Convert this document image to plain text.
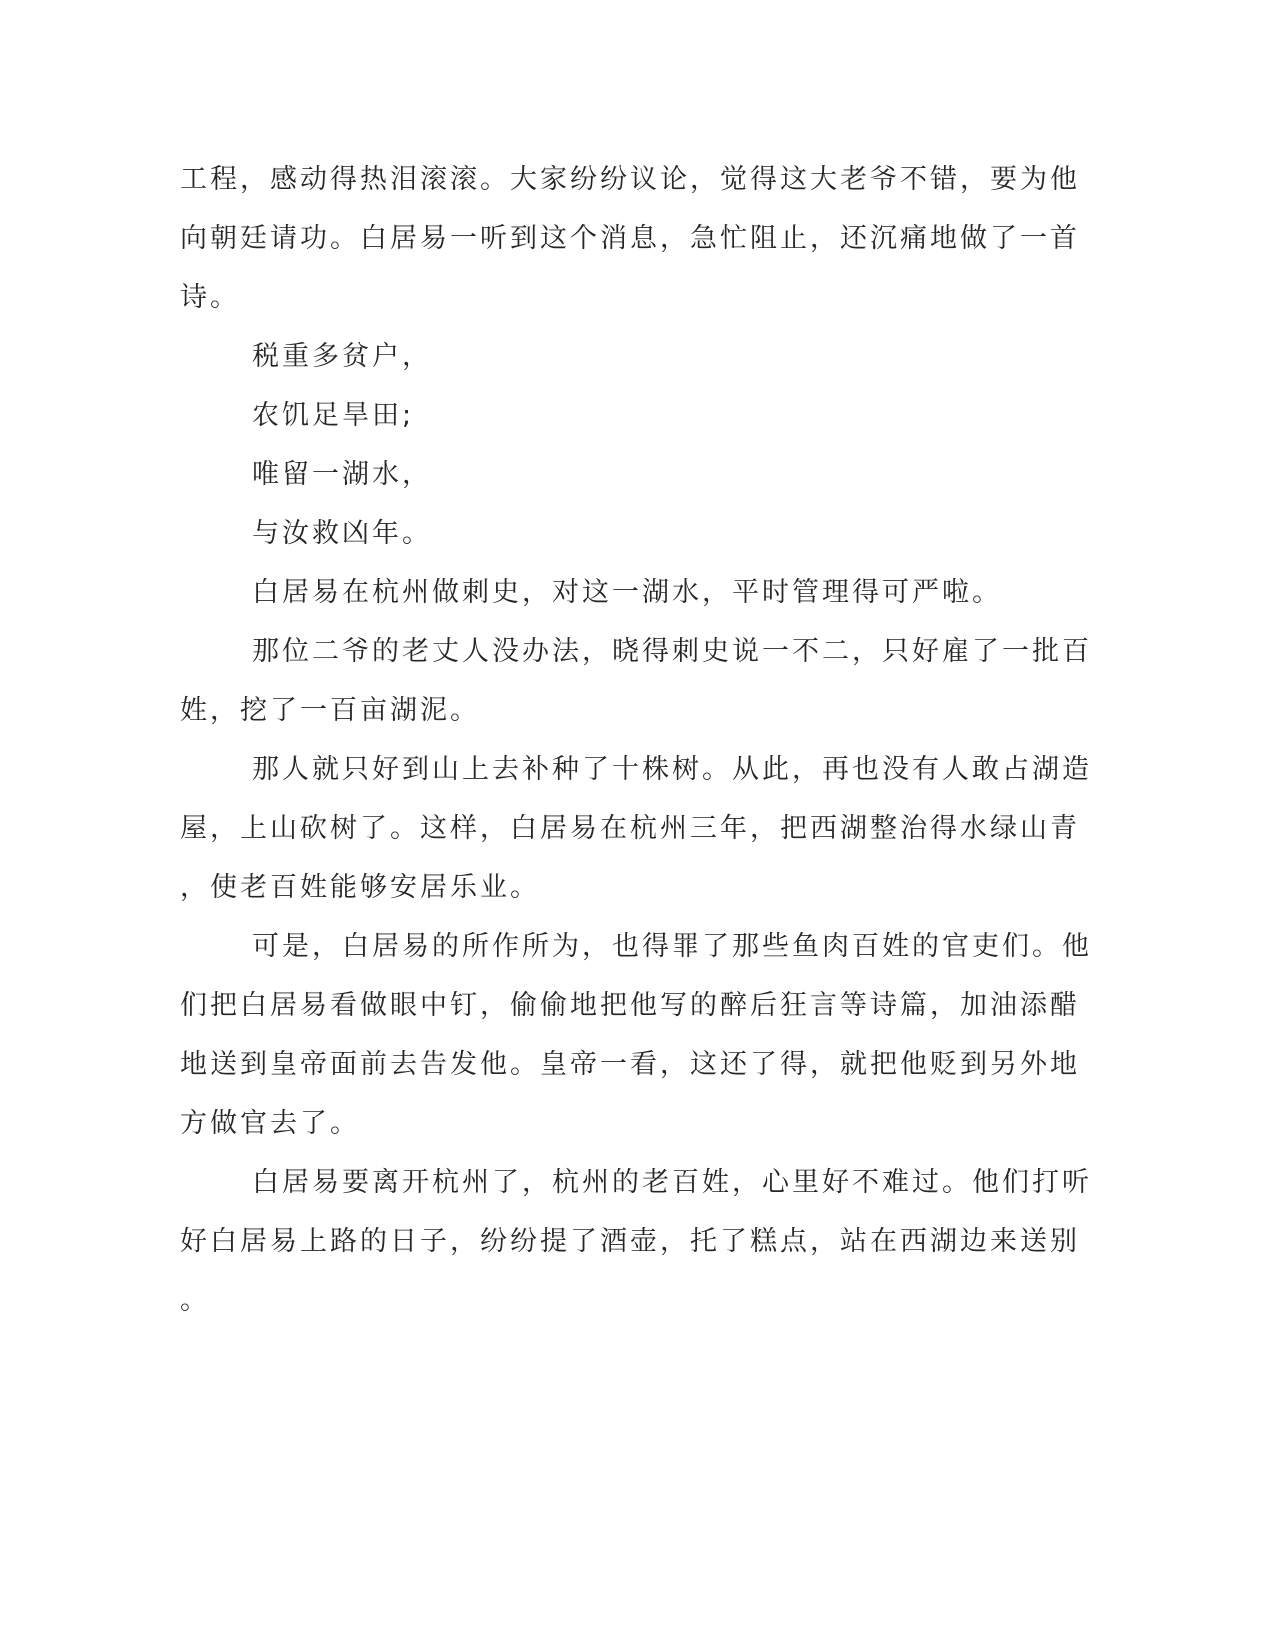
工程，感动得热泪滚滚。大家纷纷议论，觉得这大老爷不错，要为他
向朝廷请功。白居易一听到这个消息，急忙阻止，还沉痛地做了一首
诗。
税重多贫户，
农饥足旱田;
唯留一湖水，
与汝救凶年。
白居易在杭州做刺史，对这一湖水，平时管理得可严啦。
那位二爷的老丈人没办法，晓得刺史说一不二，只好雇了一批百
姓，挖了一百亩湖泥。
那人就只好到山上去补种了十株树。从此，再也没有人敢占湖造
屋，上山砍树了。这样，白居易在杭州三年，把西湖整治得水绿山青
，使老百姓能够安居乐业。
可是，白居易的所作所为，也得罪了那些鱼肉百姓的官吏们。他
们把白居易看做眼中钉，偷偷地把他写的醉后狂言等诗篇，加油添醋
地送到皇帝面前去告发他。皇帝一看，这还了得，就把他贬到另外地
方做官去了。
白居易要离开杭州了，杭州的老百姓，心里好不难过。他们打听
好白居易上路的日子，纷纷提了酒壶，托了糕点，站在西湖边来送别
。
